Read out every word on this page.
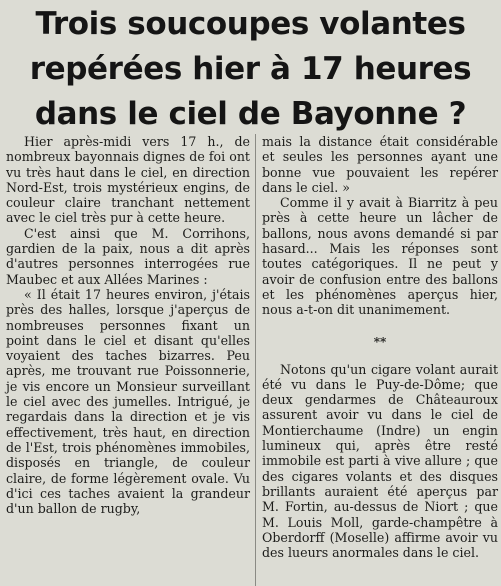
Trois soucoupes volantes
repérées hier à 17 heures
dans le ciel de Bayonne ?

Hier après-midi vers 17 h., de nombreux bayonnais dignes de foi ont vu très haut dans le ciel, en direction Nord-Est, trois mystérieux engins, de couleur claire tranchant nettement avec le ciel très pur à cette heure.

C'est ainsi que M. Corrihons, gardien de la paix, nous a dit après d'autres personnes interrogées rue Maubec et aux Allées Marines :

« Il était 17 heures environ, j'étais près des halles, lorsque j'aperçus de nombreuses personnes fixant un point dans le ciel et disant qu'elles voyaient des taches bizarres. Peu après, me trouvant rue Poissonnerie, je vis encore un Monsieur surveillant le ciel avec des jumelles. Intrigué, je regardais dans la direction et je vis effectivement, très haut, en direction de l'Est, trois phénomènes immobiles, disposés en triangle, de couleur claire, de forme légèrement ovale. Vu d'ici ces taches avaient la grandeur d'un ballon de rugby,

mais la distance était considérable et seules les personnes ayant une bonne vue pouvaient les repérer dans le ciel. »

Comme il y avait à Biarritz à peu près à cette heure un lâcher de ballons, nous avons demandé si par hasard... Mais les réponses sont toutes catégoriques. Il ne peut y avoir de confusion entre des ballons et les phénomènes aperçus hier, nous a-t-on dit unanimement.

**

Notons qu'un cigare volant aurait été vu dans le Puy-de-Dôme; que deux gendarmes de Châteauroux assurent avoir vu dans le ciel de Montierchaume (Indre) un engin lumineux qui, après être resté immobile est parti à vive allure ; que des cigares volants et des disques brillants auraient été aperçus par M. Fortin, au-dessus de Niort ; que M. Louis Moll, garde-champêtre à Oberdorff (Moselle) affirme avoir vu des lueurs anormales dans le ciel.
